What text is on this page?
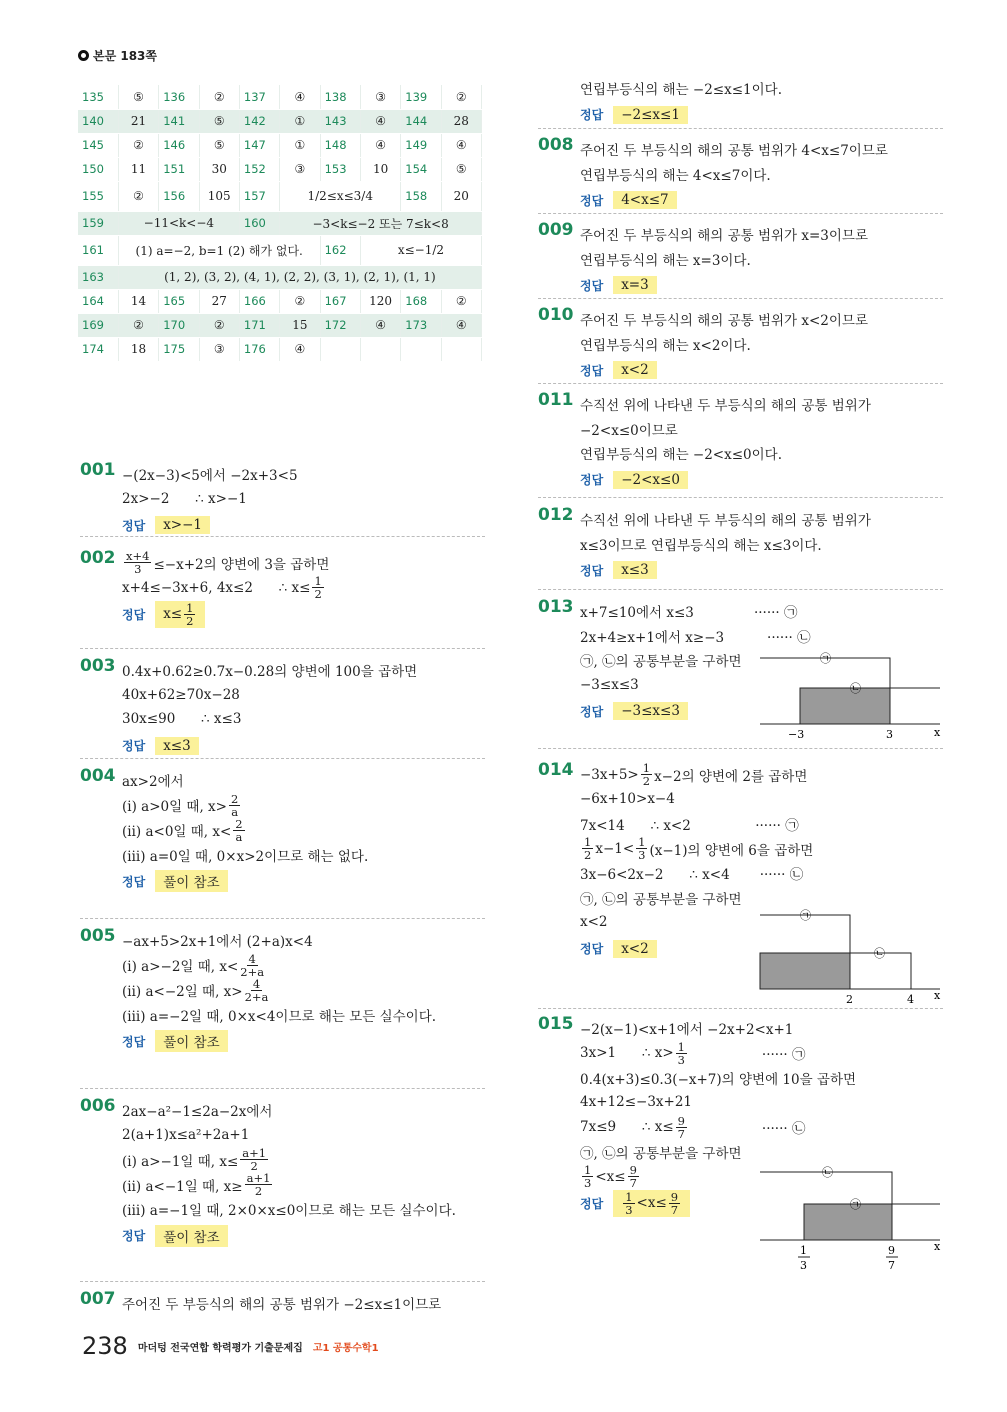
본문 183쪽
135	⑤	136	②	137	④	138	③	139	②
140	21	141	⑤	142	①	143	④	144	28
145	②	146	⑤	147	①	148	④	149	④
150	11	151	30	152	③	153	10	154	⑤
155	②	156	105	157	1/2≤x≤3/4			158	20
159	−11<k<−4			160	−3<k≤−2 또는 7≤k<8				
161	(1) a=−2, b=1 (2) 해가 없다.					162	x≤−1/2		
163	(1, 2), (3, 2), (4, 1), (2, 2), (3, 1), (2, 1), (1, 1)								
164	14	165	27	166	②	167	120	168	②
169	②	170	②	171	15	172	④	173	④
174	18	175	③	176	④				
001 −(2x−3)<5에서 −2x+3<5
2x>−2      ∴ x>−1
정답 x>−1
$002 \frac{x+4}{3} \le-x+2$의 양변에 3을 곱하면
x+4≤−3x+6, 4x≤2      ∴ $x\le \frac{1}{2}$
정답 $x\le \frac{1}{2}$
003 0.4x+0.62≥0.7x−0.28의 양변에 100을 곱하면
40x+62≥70x−28
30x≤90      ∴ x≤3
정답 x≤3
004 ax>2에서
(ⅰ) a>0일 때, $x> \frac{2}{a}$
(ⅱ) a<0일 때, $x< \frac{2}{a}$
(ⅲ) a=0일 때, 0×x>2이므로 해는 없다.
정답 풀이 참조
005 −ax+5>2x+1에서 (2+a)x<4
(ⅰ) a>−2일 때, $x< \frac{4}{2+a}$
(ⅱ) a<−2일 때, $x> \frac{4}{2+a}$
(ⅲ) a=−2일 때, 0×x<4이므로 해는 모든 실수이다.
정답 풀이 참조
006 2ax−a²−1≤2a−2x에서
2(a+1)x≤a²+2a+1
(ⅰ) a>−1일 때, $x\le \frac{a+1}{2}$
(ⅱ) a<−1일 때, $x\ge \frac{a+1}{2}$
(ⅲ) a=−1일 때, 2×0×x≤0이므로 해는 모든 실수이다.
정답 풀이 참조
007 주어진 두 부등식의 해의 공통 범위가 −2≤x≤1이므로
연립부등식의 해는 −2≤x≤1이다.
정답 −2≤x≤1
008 주어진 두 부등식의 해의 공통 범위가 4<x≤7이므로
연립부등식의 해는 4<x≤7이다.
정답 4<x≤7
009 주어진 두 부등식의 해의 공통 범위가 x=3이므로
연립부등식의 해는 x=3이다.
정답 x=3
010 주어진 두 부등식의 해의 공통 범위가 x<2이므로
연립부등식의 해는 x<2이다.
정답 x<2
011 수직선 위에 나타낸 두 부등식의 해의 공통 범위가
−2<x≤0이므로
연립부등식의 해는 −2<x≤0이다.
정답 −2<x≤0
012 수직선 위에 나타낸 두 부등식의 해의 공통 범위가
x≤3이므로 연립부등식의 해는 x≤3이다.
정답 x≤3
013 x+7≤10에서 x≤3              ······ ㉠
2x+4≥x+1에서 x≥−3          ······ ㉡
㉠, ㉡의 공통부분을 구하면
−3≤x≤3
정답 −3≤x≤3
$014 -3x+5> \frac{1}{2} x-2$의 양변에 2를 곱하면
−6x+10>x−4
7x<14      ∴ x<2               ······ ㉠
$\frac{1}{2} x-1< \frac{1}{3} (x-1)$의 양변에 6을 곱하면
3x−6<2x−2      ∴ x<4       ······ ㉡
㉠, ㉡의 공통부분을 구하면
x<2
정답 x<2
015 −2(x−1)<x+1에서 −2x+2<x+1
3x>1      ∴ $x> \frac{1}{3}$ ······ ㉠
0.4(x+3)≤0.3(−x+7)의 양변에 10을 곱하면
4x+12≤−3x+21
7x≤9      ∴ $x\le \frac{9}{7}$ ······ ㉡
㉠, ㉡의 공통부분을 구하면
$\frac{1}{3} <x\le \frac{9}{7}$
정답 $\frac{1}{3} <x\le \frac{9}{7}$
㉠
㉡
−3	3	x
㉠
㉡
2	4 x
㉡
㉠
1
3
9
7
x
238 마더텅 전국연합 학력평가 기출문제집 고1 공통수학1
